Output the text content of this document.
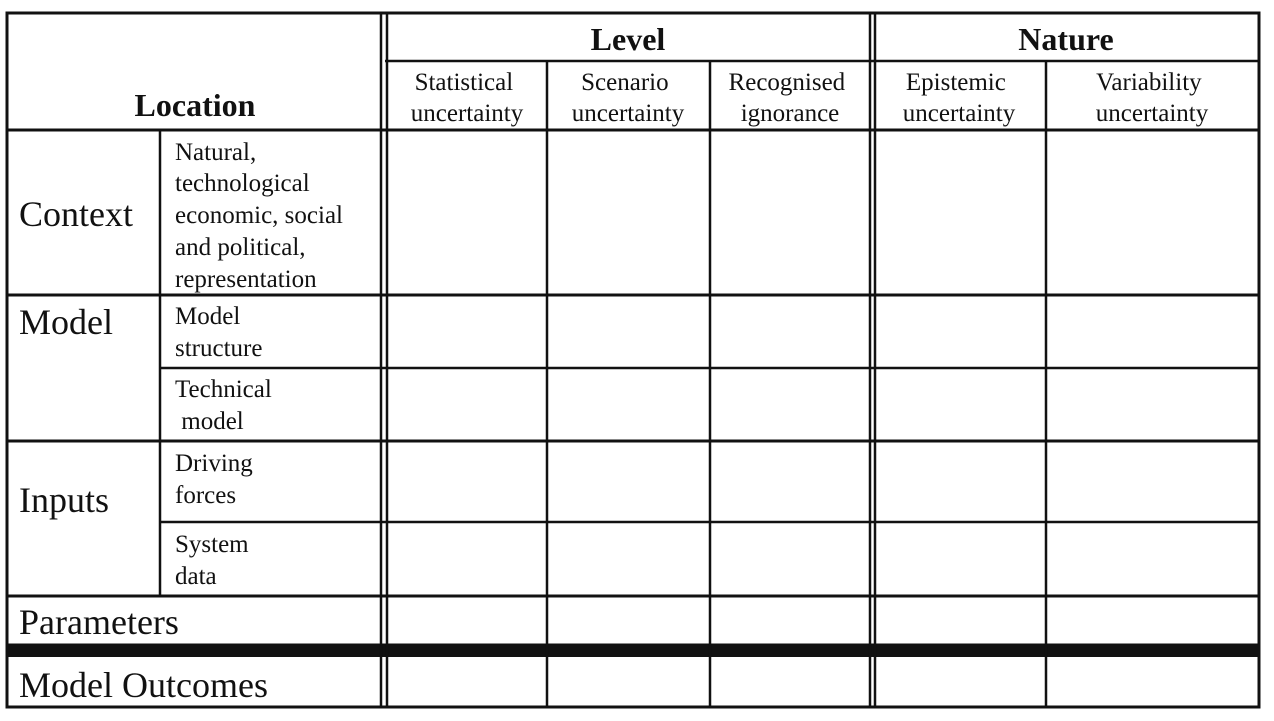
Location
Level	Nature
Statistical uncertainty
Scenario uncertainty
Recognised ignorance
Epistemic uncertainty
Variability uncertainty
Context
Natural, technological economic, social and political, representation
Model Model structure
Technical      model
Inputs
Driving forces
System data
Parameters
Model Outcomes
